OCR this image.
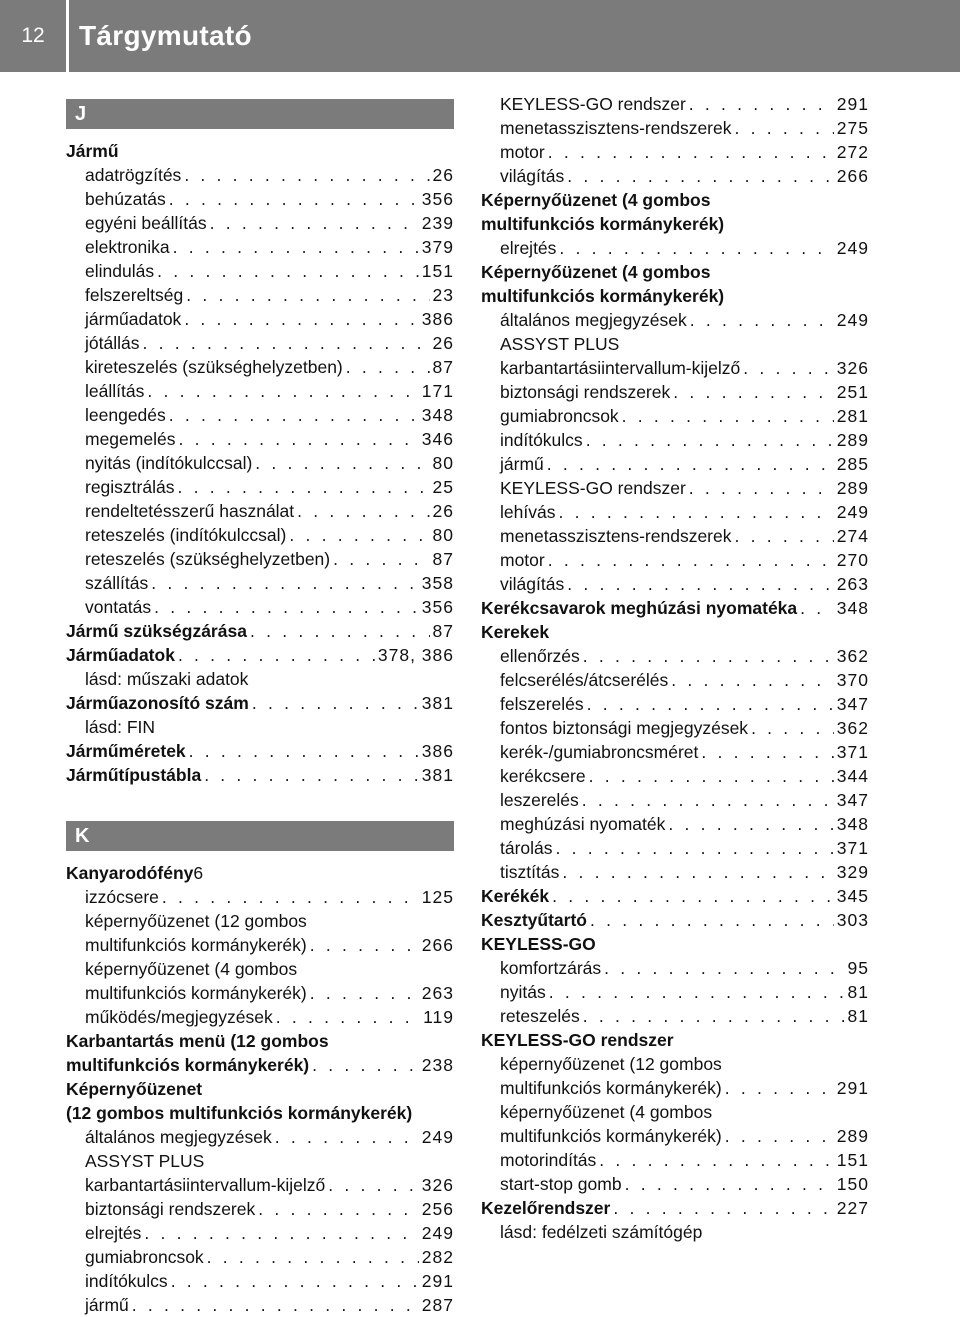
12	Tárgymutató
J
Jármű
adatrögzítés . . .	26
behúzatás . . .	356
egyéni beállítás . . .	239
elektronika . . .	379
elindulás . . .	151
felszereltség . . .	23
járműadatok . . .	386
jótállás . . .	26
kireteszelés (szükséghelyzetben) . . .	87
leállítás . . .	171
leengedés . . .	348
megemelés . . .	346
nyitás (indítókulccsal) . . .	80
regisztrálás . . .	25
rendeltetésszerű használat . . .	26
reteszelés (indítókulccsal) . . .	80
reteszelés (szükséghelyzetben) . . .	87
szállítás . . .	358
vontatás . . .	356
Jármű szükségzárása . . .	87
Járműadatok . . .	378, 386
lásd: műszaki adatok
Járműazonosító szám . . .	381
lásd: FIN
Járműméretek . . .	386
Járműtípustábla . . .	381
K
Kanyarodófény6
izzócsere . . .	125
képernyőüzenet (12 gombos
multifunkciós kormánykerék) . . .	266
képernyőüzenet (4 gombos
multifunkciós kormánykerék) . . .	263
működés/megjegyzések . . .	119
Karbantartás menü (12 gombos
multifunkciós kormánykerék) . . .	238
Képernyőüzenet
(12 gombos multifunkciós kormánykerék)
általános megjegyzések . . .	249
ASSYST PLUS
karbantartásiintervallum-kijelző . . .	326
biztonsági rendszerek . . .	256
elrejtés . . .	249
gumiabroncsok . . .	282
indítókulcs . . .	291
jármű . . .	287
KEYLESS-GO rendszer . . .	291
menetasszisztens-rendszerek . . .	275
motor . . .	272
világítás . . .	266
Képernyőüzenet (4 gombos
multifunkciós kormánykerék)
elrejtés . . .	249
Képernyőüzenet (4 gombos
multifunkciós kormánykerék)
általános megjegyzések . . .	249
ASSYST PLUS
karbantartásiintervallum-kijelző . . .	326
biztonsági rendszerek . . .	251
gumiabroncsok . . .	281
indítókulcs . . .	289
jármű . . .	285
KEYLESS-GO rendszer . . .	289
lehívás . . .	249
menetasszisztens-rendszerek . . .	274
motor . . .	270
világítás . . .	263
Kerékcsavarok meghúzási nyomatéka . . . 348
Kerekek
ellenőrzés . . .	362
felcserélés/átcserélés . . .	370
felszerelés . . .	347
fontos biztonsági megjegyzések . . .	362
kerék-/gumiabroncsméret . . .	371
kerékcsere . . .	344
leszerelés . . .	347
meghúzási nyomaték . . .	348
tárolás . . .	371
tisztítás . . .	329
Kerékék . . .	345
Kesztyűtartó . . .	303
KEYLESS-GO
komfortzárás . . .	95
nyitás . . .	81
reteszelés . . .	81
KEYLESS-GO rendszer
képernyőüzenet (12 gombos
multifunkciós kormánykerék) . . .	291
képernyőüzenet (4 gombos
multifunkciós kormánykerék) . . .	289
motorindítás . . .	151
start-stop gomb . . .	150
Kezelőrendszer . . .	227
lásd: fedélzeti számítógép
